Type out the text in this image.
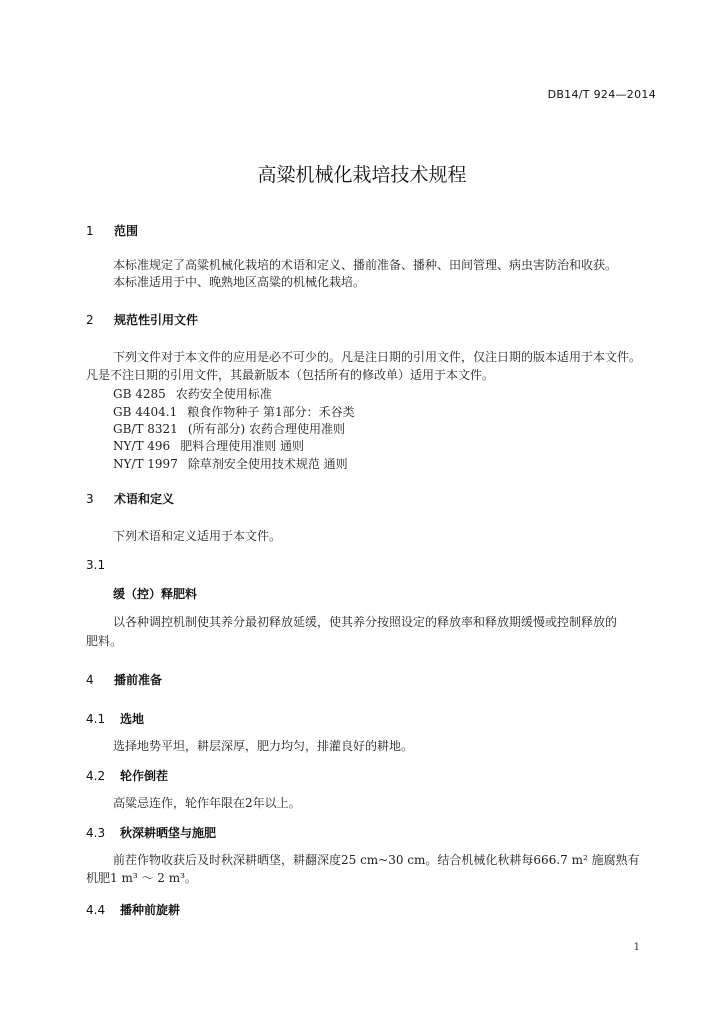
DB14/T 924—2014
高粱机械化栽培技术规程
1 范围
本标准规定了高粱机械化栽培的术语和定义、播前准备、播种、田间管理、病虫害防治和收获。
本标准适用于中、晚熟地区高粱的机械化栽培。
2 规范性引用文件
下列文件对于本文件的应用是必不可少的。凡是注日期的引用文件，仅注日期的版本适用于本文件。
凡是不注日期的引用文件，其最新版本（包括所有的修改单）适用于本文件。
GB 4285 农药安全使用标准
GB 4404.1 粮食作物种子 第1部分：禾谷类
GB/T 8321 (所有部分) 农药合理使用准则
NY/T 496 肥料合理使用准则 通则
NY/T 1997 除草剂安全使用技术规范 通则
3 术语和定义
下列术语和定义适用于本文件。
3.1
缓（控）释肥料
以各种调控机制使其养分最初释放延缓，使其养分按照设定的释放率和释放期缓慢或控制释放的
肥料。
4 播前准备
4.1 选地
选择地势平坦，耕层深厚，肥力均匀，排灌良好的耕地。
4.2 轮作倒茬
高粱忌连作，轮作年限在2年以上。
4.3 秋深耕晒垡与施肥
前茬作物收获后及时秋深耕晒垡，耕翻深度25 cm~30 cm。结合机械化秋耕每666.7 m² 施腐熟有
机肥1 m³ ～ 2 m³。
4.4 播种前旋耕
1
